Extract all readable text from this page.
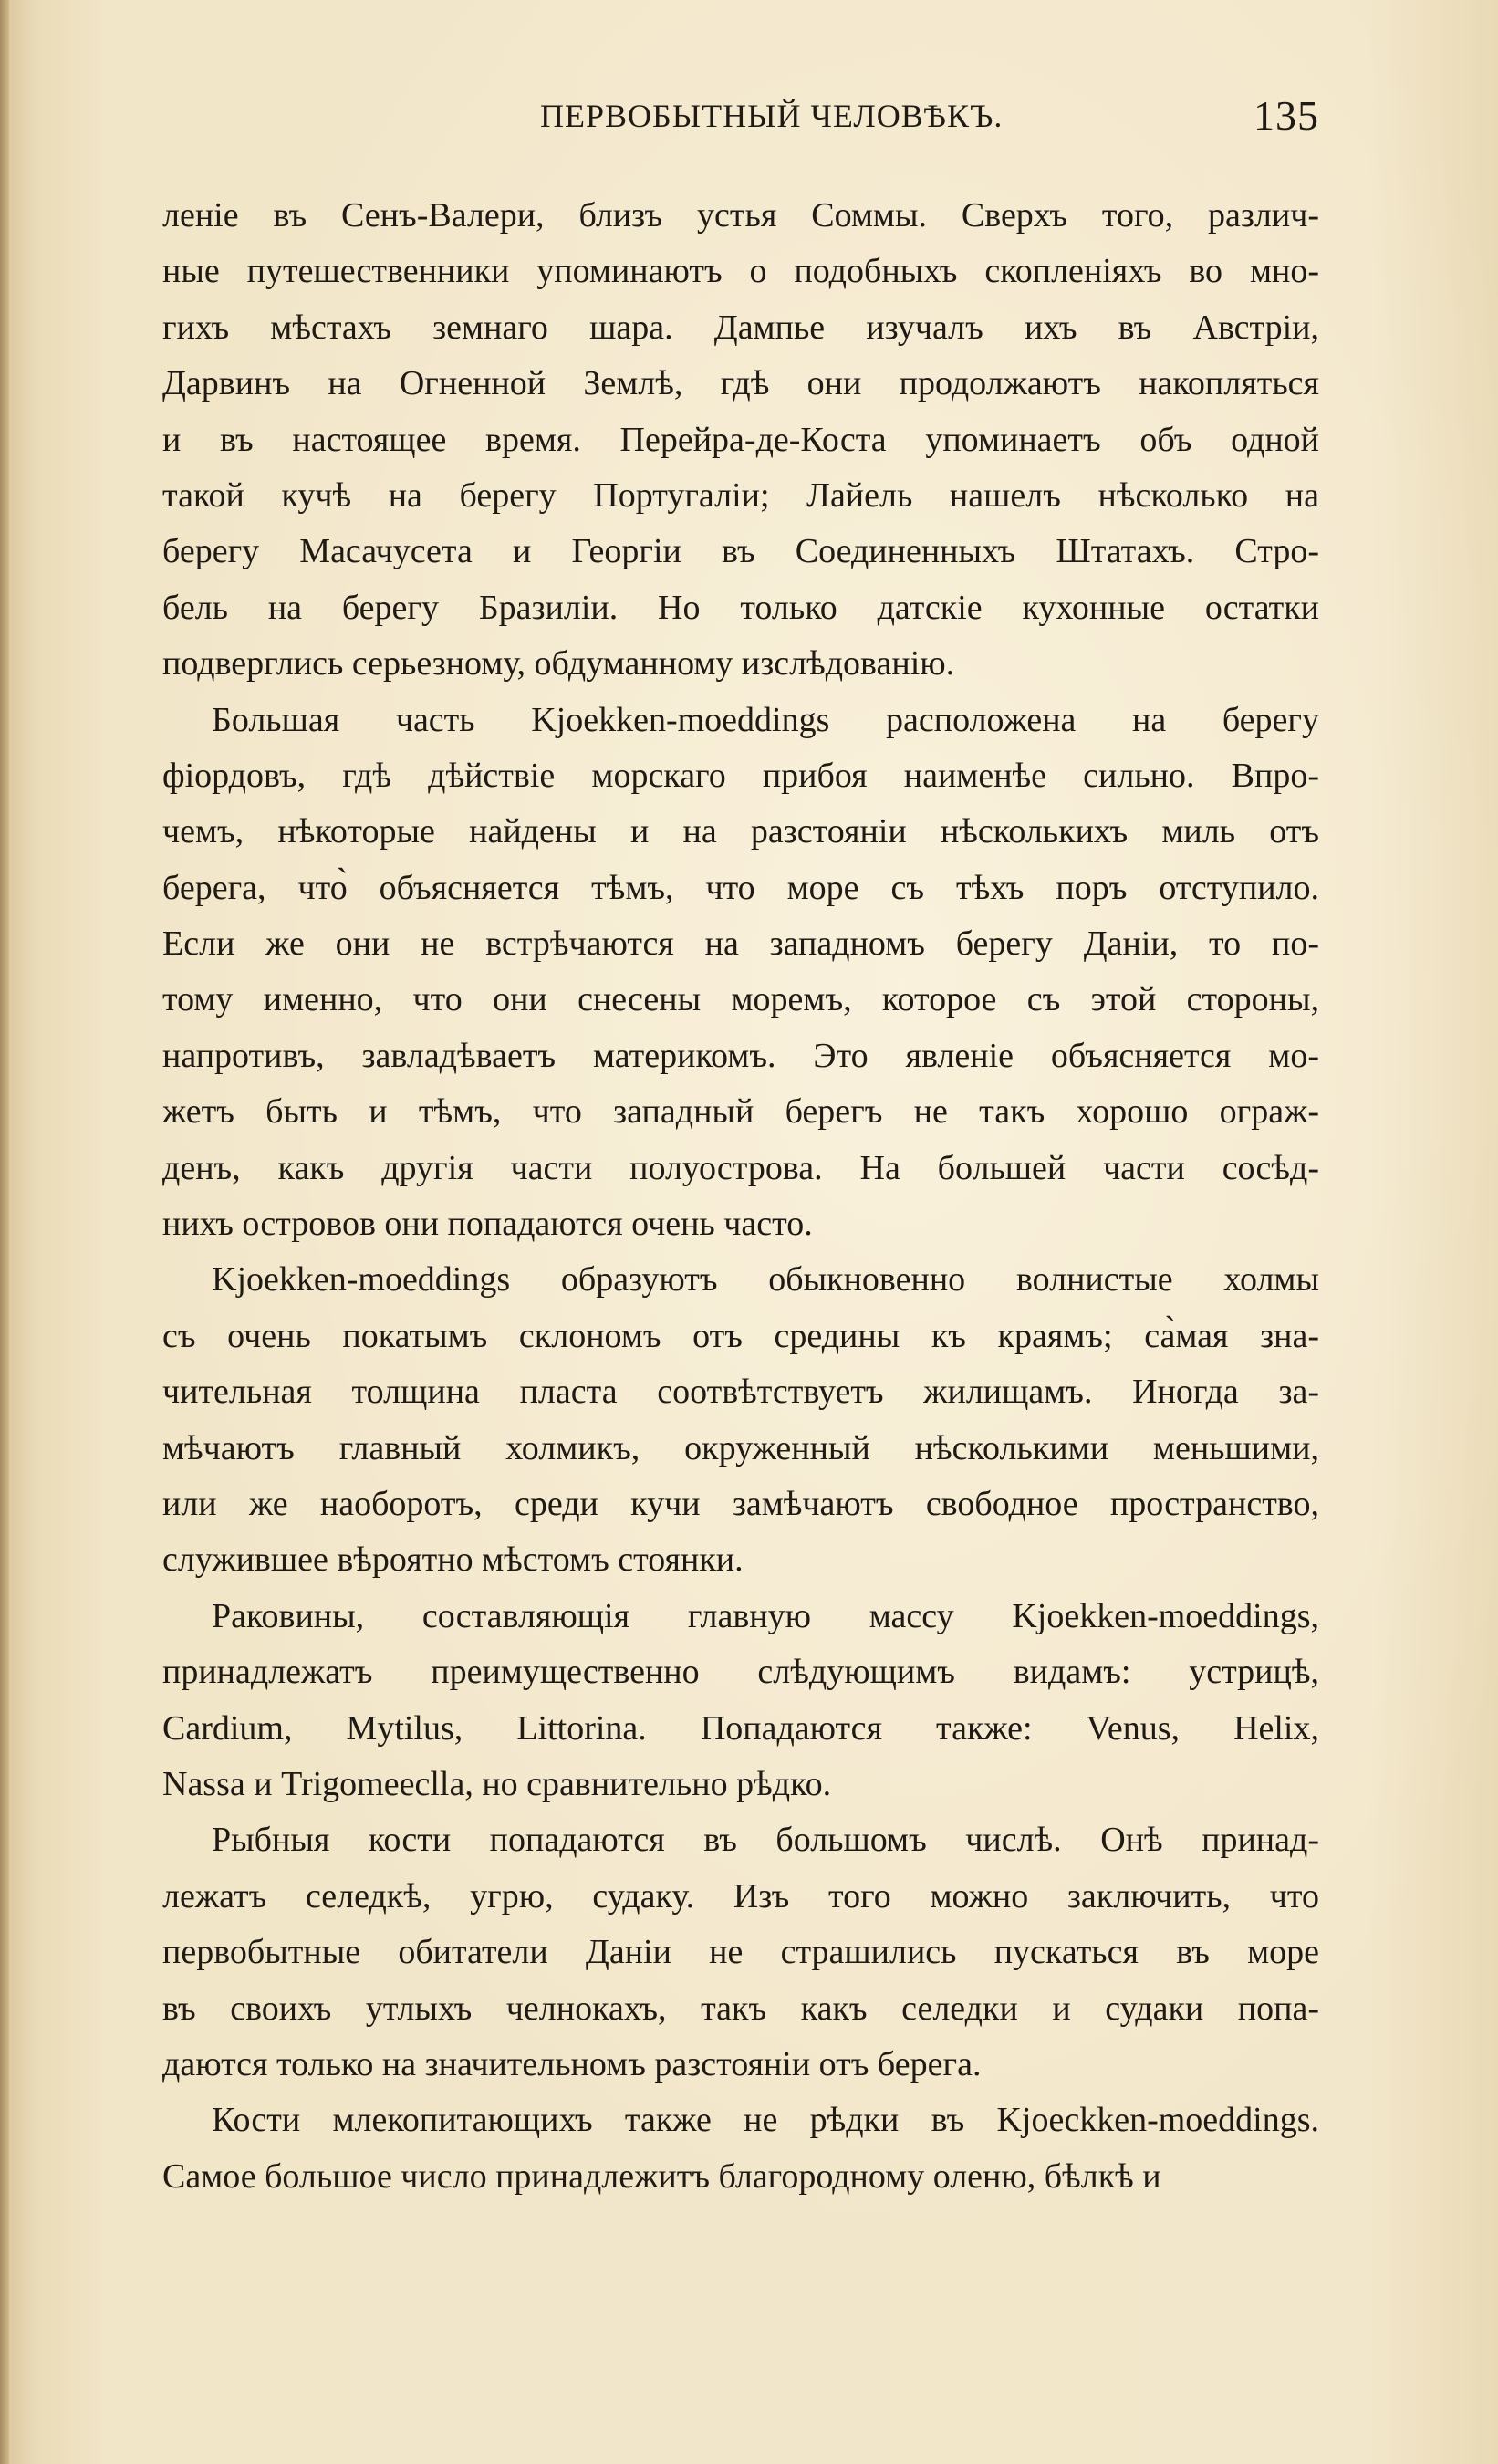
ПЕРВОБЫТНЫЙ ЧЕЛОВѢКЪ.	135
леніе въ Сенъ-Валери, близъ устья Соммы. Сверхъ того, различ-
ные путешественники упоминаютъ о подобныхъ скопленіяхъ во мно-
гихъ мѣстахъ земнаго шара. Дампье изучалъ ихъ въ Австріи,
Дарвинъ на Огненной Землѣ, гдѣ они продолжаютъ накопляться
и въ настоящее время. Перейра-де-Коста упоминаетъ объ одной
такой кучѣ на берегу Португаліи; Лайель нашелъ нѣсколько на
берегу Масачусета и Георгіи въ Соединенныхъ Штатахъ. Стро-
бель на берегу Бразиліи. Но только датскіе кухонные остатки
подверглись серьезному, обдуманному изслѣдованію.
Большая часть Kjoekken-moeddings расположена на берегу
фіордовъ, гдѣ дѣйствіе морскаго прибоя наименѣе сильно. Впро-
чемъ, нѣкоторые найдены и на разстояніи нѣсколькихъ миль отъ
берега, что̀ объясняется тѣмъ, что море съ тѣхъ поръ отступило.
Если же они не встрѣчаются на западномъ берегу Даніи, то по-
тому именно, что они снесены моремъ, которое съ этой стороны,
напротивъ, завладѣваетъ материкомъ. Это явленіе объясняется мо-
жетъ быть и тѣмъ, что западный берегъ не такъ хорошо ограж-
денъ, какъ другія части полуострова. На большей части сосѣд-
нихъ островов они попадаются очень часто.
Kjoekken-moeddings образуютъ обыкновенно волнистые холмы
съ очень покатымъ склономъ отъ средины къ краямъ; са̀мая зна-
чительная толщина пласта соотвѣтствуетъ жилищамъ. Иногда за-
мѣчаютъ главный холмикъ, окруженный нѣсколькими меньшими,
или же наоборотъ, среди кучи замѣчаютъ свободное пространство,
служившее вѣроятно мѣстомъ стоянки.
Раковины, составляющія главную массу Kjoekken-moeddings,
принадлежатъ преимущественно слѣдующимъ видамъ: устрицѣ,
Cardium, Mytilus, Littorina. Попадаются также: Venus, Helix,
Nassa и Trigomeeclla, но сравнительно рѣдко.
Рыбныя кости попадаются въ большомъ числѣ. Онѣ принад-
лежатъ селедкѣ, угрю, судаку. Изъ того можно заключить, что
первобытные обитатели Даніи не страшились пускаться въ море
въ своихъ утлыхъ челнокахъ, такъ какъ селедки и судаки попа-
даются только на значительномъ разстояніи отъ берега.
Кости млекопитающихъ также не рѣдки въ Kjoeckken-moeddings.
Самое большое число принадлежитъ благородному оленю, бѣлкѣ и
